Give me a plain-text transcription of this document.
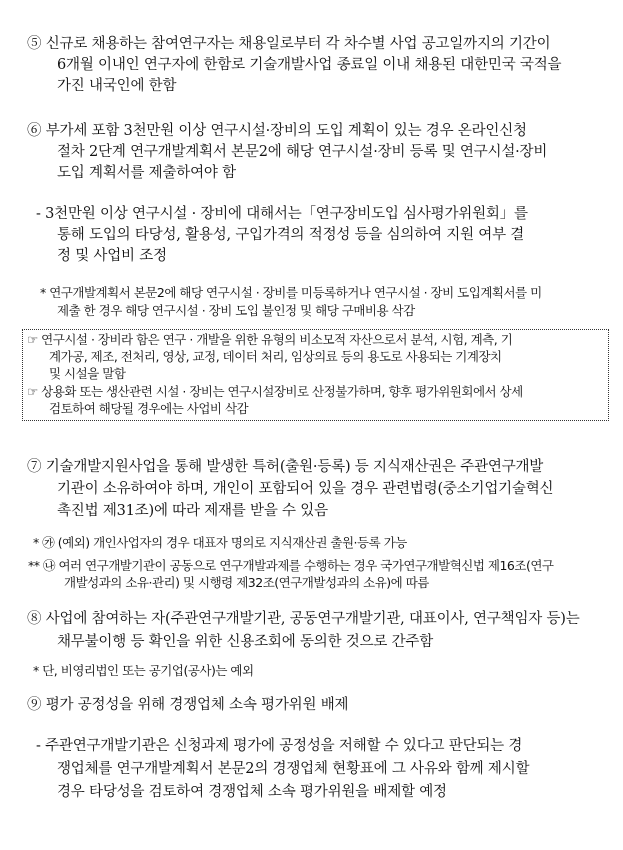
⑤ 신규로 채용하는 참여연구자는 채용일로부터 각 차수별 사업 공고일까지의 기간이
6개월 이내인 연구자에 한함로 기술개발사업 종료일 이내 채용된 대한민국 국적을
가진 내국인에 한함
⑥ 부가세 포함 3천만원 이상 연구시설·장비의 도입 계획이 있는 경우 온라인신청
절차 2단계 연구개발계획서 본문2에 해당 연구시설·장비 등록 및 연구시설·장비
도입 계획서를 제출하여야 함
- 3천만원 이상 연구시설 · 장비에 대해서는「연구장비도입 심사평가위원회」를
통해 도입의 타당성, 활용성, 구입가격의 적정성 등을 심의하여 지원 여부 결
정 및 사업비 조정
* 연구개발계획서 본문2에 해당 연구시설 · 장비를 미등록하거나 연구시설 · 장비 도입계획서를 미
제출 한 경우 해당 연구시설 · 장비 도입 불인정 및 해당 구매비용 삭감
☞ 연구시설 · 장비라 함은 연구 · 개발을 위한 유형의 비소모적 자산으로서 분석, 시험, 계측, 기
계가공, 제조, 전처리, 영상, 교정, 데이터 처리, 임상의료 등의 용도로 사용되는 기계장치
및 시설을 말함
☞ 상용화 또는 생산관련 시설 · 장비는 연구시설장비로 산정불가하며, 향후 평가위원회에서 상세
검토하여 해당될 경우에는 사업비 삭감
⑦ 기술개발지원사업을 통해 발생한 특허(출원·등록) 등 지식재산권은 주관연구개발
기관이 소유하여야 하며, 개인이 포함되어 있을 경우 관련법령(중소기업기술혁신
촉진법 제31조)에 따라 제재를 받을 수 있음
* ㉮ (예외) 개인사업자의 경우 대표자 명의로 지식재산권 출원·등록 가능
** ㉯ 여러 연구개발기관이 공동으로 연구개발과제를 수행하는 경우 국가연구개발혁신법 제16조(연구
개발성과의 소유·관리) 및 시행령 제32조(연구개발성과의 소유)에 따름
⑧ 사업에 참여하는 자(주관연구개발기관, 공동연구개발기관, 대표이사, 연구책임자 등)는
채무불이행 등 확인을 위한 신용조회에 동의한 것으로 간주함
* 단, 비영리법인 또는 공기업(공사)는 예외
⑨ 평가 공정성을 위해 경쟁업체 소속 평가위원 배제
- 주관연구개발기관은 신청과제 평가에 공정성을 저해할 수 있다고 판단되는 경
쟁업체를 연구개발계획서 본문2의 경쟁업체 현황표에 그 사유와 함께 제시할
경우 타당성을 검토하여 경쟁업체 소속 평가위원을 배제할 예정
